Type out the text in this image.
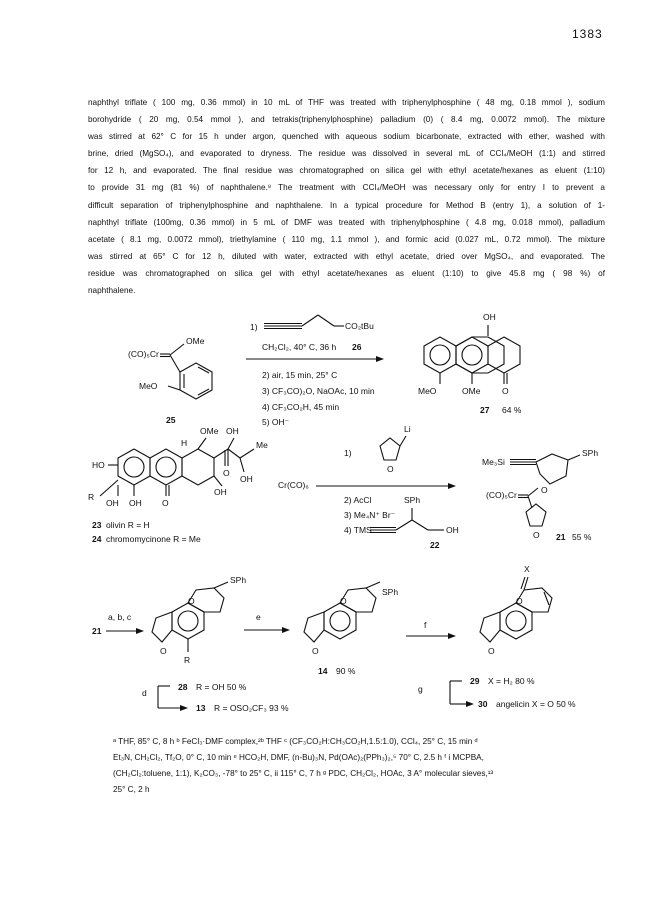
1383

naphthyl triflate ( 100 mg, 0.36 mmol) in 10 mL of THF was treated with triphenylphosphine ( 48 mg, 0.18 mmol ), sodium
borohydride ( 20 mg, 0.54 mmol ), and tetrakis(triphenylphosphine) palladium (0) ( 8.4 mg, 0.0072 mmol). The mixture
was stirred at 62° C for 15 h under argon, quenched with aqueous sodium bicarbonate, extracted with ether, washed with
brine, dried (MgSO₄), and evaporated to dryness. The residue was dissolved in several mL of CCl₄/MeOH (1:1) and stirred
for 12 h, and evaporated. The final residue was chromatographed on silica gel with ethyl acetate/hexanes as eluent (1:10)
to provide 31 mg (81 %) of naphthalene.⁸ The treatment with CCl₄/MeOH was necessary only for entry I to prevent a
difficult separation of triphenylphosphine and naphthalene. In a typical procedure for Method B (entry 1), a solution of 1-
naphthyl triflate (100mg, 0.36 mmol) in 5 mL of DMF was treated with triphenylphosphine ( 4.8 mg, 0.018 mmol), palladium
acetate ( 8.1 mg, 0.0072 mmol), triethylamine ( 110 mg, 1.1 mmol ), and formic acid (0.027 mL, 0.72 mmol). The mixture
was stirred at 65° C for 12 h, diluted with water, extracted with ethyl acetate, dried over MgSO₄, and evaporated. The
residue was chromatographed on silica gel with ethyl acetate/hexanes as eluent (1:10) to give 45.8 mg ( 98 %) of
naphthalene.

(CO)₅Cr
OMe
MeO
25
1)	CO₂tBu
CH₂Cl₂, 40° C, 36 h 26
2) air, 15 min, 25° C
3) CF₃CO)₂O, NaOAc, 10 min
4) CF₃CO₂H, 45 min
5) OH⁻
OH
MeO	OMe	O
27 64 %
HO
R
OH OH O
H
OMe OH
Me
O
OH
OH
23 olivin R = H
24 chromomycinone R = Me
Cr(CO)₆
1)
O
Li
2) AcCl
3) Me₄N⁺ Br⁻
4) TMS
SPh
OH
22
Me₃Si
SPh
O
(CO)₅Cr
O 21 55 %
21
a, b, c
O
O
SPh
R
e
O
O
SPh
14 90 %
f
O
O
X
d
28 R = OH 50 %
13 R = OSO₂CF₃ 93 %
g
29 X = H₂ 80 %
30 angelicin X = O 50 %

ᵃ THF, 85° C, 8 h ᵇ FeCl₃·DMF complex,²ᵇ THF ᶜ (CF₃CO₂H:CH₃CO₂H,1.5:1.0), CCl₄, 25° C, 15 min ᵈ
Et₃N, CH₂Cl₂, Tf₂O, 0° C, 10 min ᵉ HCO₂H, DMF, (n-Bu)₃N, Pd(OAc)₂(PPh₃)₂,⁵ 70° C, 2.5 h ᶠ i MCPBA,
(CH₂Cl₂:toluene, 1:1), K₂CO₃, -78° to 25° C, ii 115° C, 7 h ᵍ PDC, CH₂Cl₂, HOAc, 3 A° molecular sieves,¹³
25° C, 2 h
